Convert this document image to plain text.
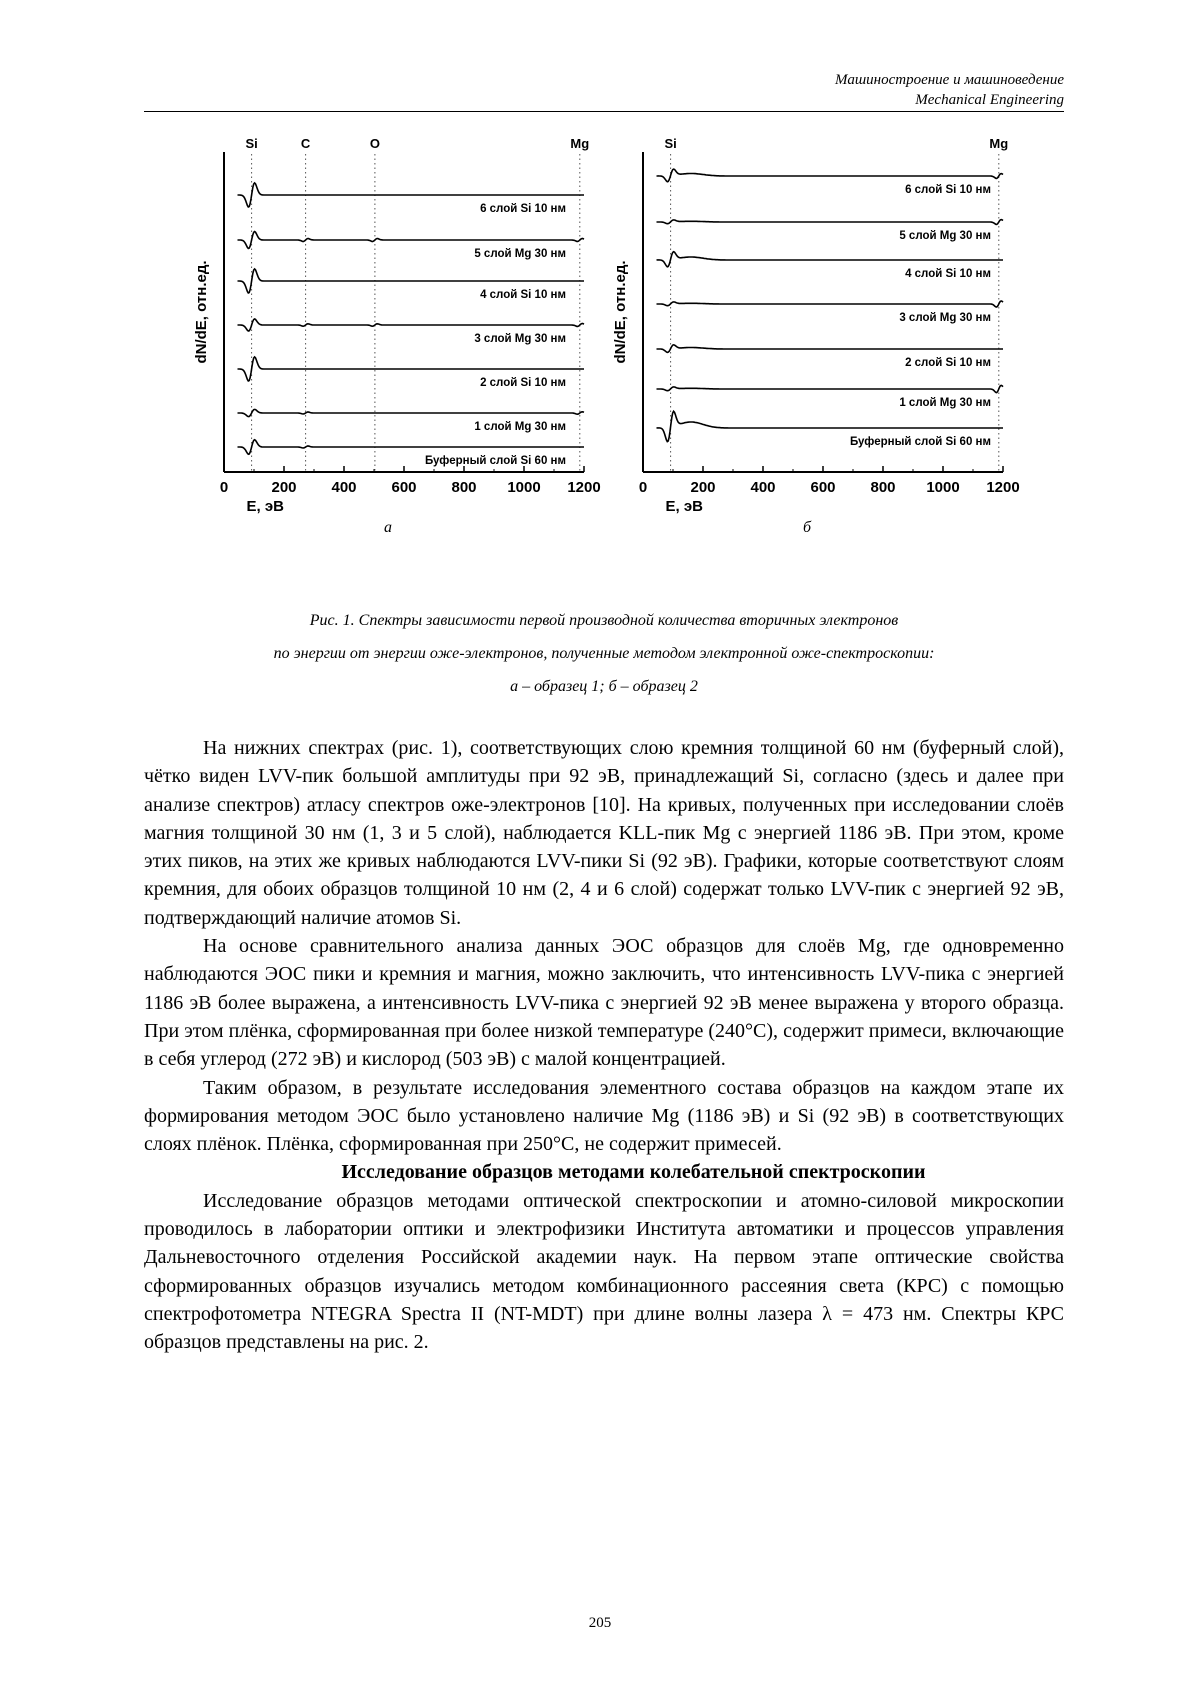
Машиностроение и машиноведение
Mechanical Engineering
0	200 400 600 800 1000 1200
E, эВ
dN/dE, отн.ед.
а
Si	C	O	Mg
6 слой Si 10 нм
5 слой Mg 30 нм
4 слой Si 10 нм
3 слой Mg 30 нм
2 слой Si 10 нм
1 слой Mg 30 нм
Буферный слой Si 60 нм
0	200 400 600 800 1000 1200
E, эВ
dN/dE, отн.ед.
б
Si	Mg
6 слой Si 10 нм
5 слой Mg 30 нм
4 слой Si 10 нм
3 слой Mg 30 нм
2 слой Si 10 нм
1 слой Mg 30 нм
Буферный слой Si 60 нм
Рис. 1. Спектры зависимости первой производной количества вторичных электронов
по энергии от энергии оже-электронов, полученные методом электронной оже-спектроскопии:
а – образец 1; б – образец 2

На нижних спектрах (рис. 1), соответствующих слою кремния толщиной 60 нм (буферный слой), чётко виден LVV-пик большой амплитуды при 92 эВ, принадлежащий Si, согласно (здесь и далее при анализе спектров) атласу спектров оже-электронов [10]. На кривых, полученных при исследовании слоёв магния толщиной 30 нм (1, 3 и 5 слой), наблюдается KLL-пик Mg с энергией 1186 эВ. При этом, кроме этих пиков, на этих же кривых наблюдаются LVV-пики Si (92 эВ). Графики, которые соответствуют слоям кремния, для обоих образцов толщиной 10 нм (2, 4 и 6 слой) содержат только LVV-пик с энергией 92 эВ, подтверждающий наличие атомов Si.

На основе сравнительного анализа данных ЭОС образцов для слоёв Mg, где одновременно наблюдаются ЭОС пики и кремния и магния, можно заключить, что интенсивность LVV-пика с энергией 1186 эВ более выражена, а интенсивность LVV-пика с энергией 92 эВ менее выражена у второго образца. При этом плёнка, сформированная при более низкой температуре (240°C), содержит примеси, включающие в себя углерод (272 эВ) и кислород (503 эВ) с малой концентрацией.

Таким образом, в результате исследования элементного состава образцов на каждом этапе их формирования методом ЭОС было установлено наличие Mg (1186 эВ) и Si (92 эВ) в соответствующих слоях плёнок. Плёнка, сформированная при 250°C, не содержит примесей.

Исследование образцов методами колебательной спектроскопии

Исследование образцов методами оптической спектроскопии и атомно-силовой микроскопии проводилось в лаборатории оптики и электрофизики Института автоматики и процессов управления Дальневосточного отделения Российской академии наук. На первом этапе оптические свойства сформированных образцов изучались методом комбинационного рассеяния света (КРС) с помощью спектрофотометра NTEGRA Spectra II (NT-MDT) при длине волны лазера λ = 473 нм. Спектры КРС образцов представлены на рис. 2.

205
